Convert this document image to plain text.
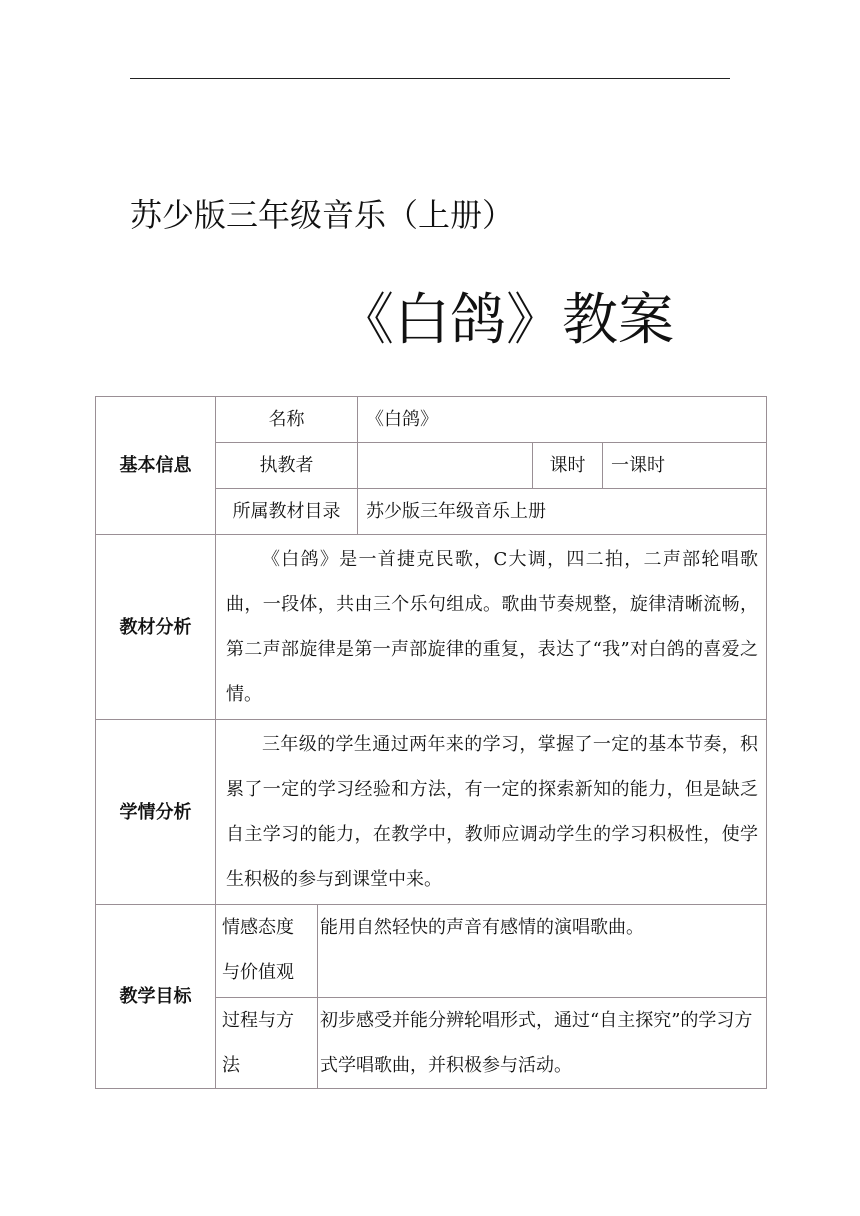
苏少版三年级音乐（上册）
《白鸽》教案
基本信息	名称		《白鸽》		
	执教者			课时	一课时
	所属教材目录		苏少版三年级音乐上册		
教材分析	《白鸽》是一首捷克民歌，C大调，四二拍，二声部轮唱歌曲，一段体，共由三个乐句组成。歌曲节奏规整，旋律清晰流畅，第二声部旋律是第一声部旋律的重复，表达了“我”对白鸽的喜爱之情。				
学情分析	三年级的学生通过两年来的学习，掌握了一定的基本节奏，积累了一定的学习经验和方法，有一定的探索新知的能力，但是缺乏自主学习的能力，在教学中，教师应调动学生的学习积极性，使学生积极的参与到课堂中来。				
教学目标	情感态度与价值观	能用自然轻快的声音有感情的演唱歌曲。			
	过程与方法	初步感受并能分辨轮唱形式，通过“自主探究”的学习方式学唱歌曲，并积极参与活动。			
